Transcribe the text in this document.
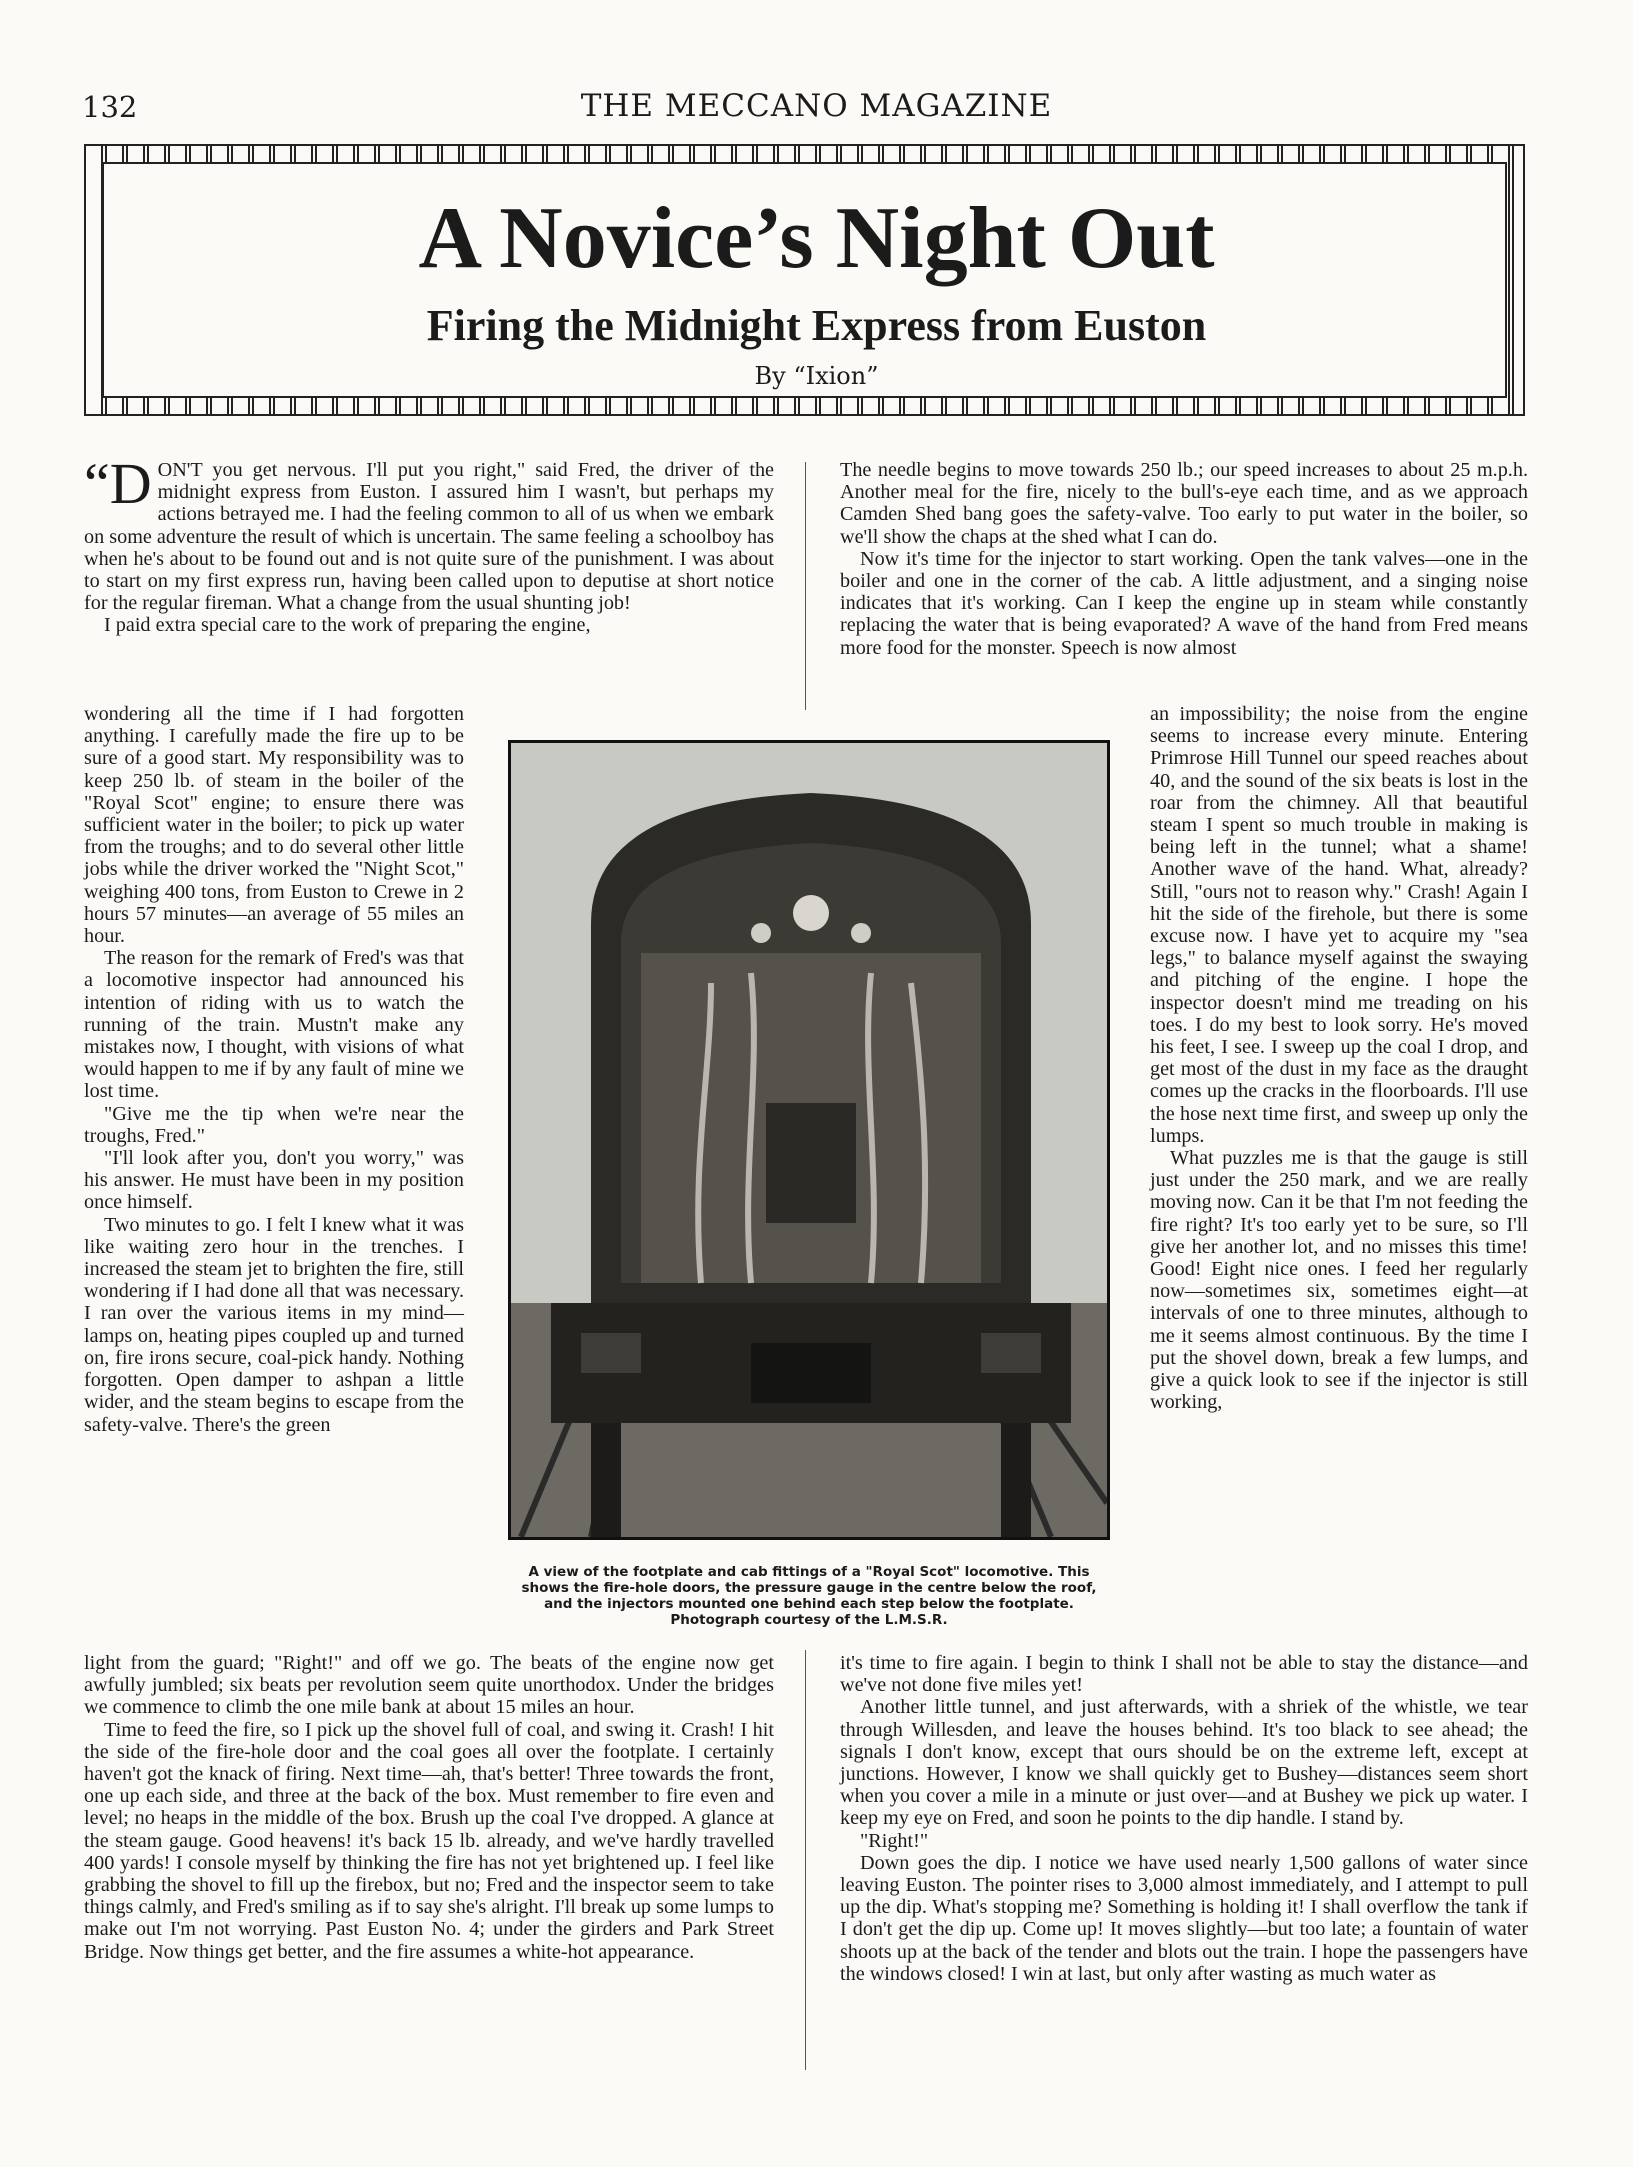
132	THE MECCANO MAGAZINE
A Novice’s Night Out
Firing the Midnight Express from Euston
By “Ixion”

“DON'T you get nervous. I'll put you right," said Fred, the driver of the midnight express from Euston. I assured him I wasn't, but perhaps my actions betrayed me. I had the feeling common to all of us when we embark on some adventure the result of which is uncertain. The same feeling a schoolboy has when he's about to be found out and is not quite sure of the punishment. I was about to start on my first express run, having been called upon to deputise at short notice for the regular fireman. What a change from the usual shunting job!

I paid extra special care to the work of preparing the engine,

wondering all the time if I had forgotten anything. I carefully made the fire up to be sure of a good start. My responsibility was to keep 250 lb. of steam in the boiler of the "Royal Scot" engine; to ensure there was sufficient water in the boiler; to pick up water from the troughs; and to do several other little jobs while the driver worked the "Night Scot," weighing 400 tons, from Euston to Crewe in 2 hours 57 minutes—an average of 55 miles an hour.

The reason for the remark of Fred's was that a locomotive inspector had announced his intention of riding with us to watch the running of the train. Mustn't make any mistakes now, I thought, with visions of what would happen to me if by any fault of mine we lost time.

"Give me the tip when we're near the troughs, Fred."

"I'll look after you, don't you worry," was his answer. He must have been in my position once himself.

Two minutes to go. I felt I knew what it was like waiting zero hour in the trenches. I increased the steam jet to brighten the fire, still wondering if I had done all that was necessary. I ran over the various items in my mind—lamps on, heating pipes coupled up and turned on, fire irons secure, coal-pick handy. Nothing forgotten. Open damper to ashpan a little wider, and the steam begins to escape from the safety-valve. There's the green

light from the guard; "Right!" and off we go. The beats of the engine now get awfully jumbled; six beats per revolution seem quite unorthodox. Under the bridges we commence to climb the one mile bank at about 15 miles an hour.

Time to feed the fire, so I pick up the shovel full of coal, and swing it. Crash! I hit the side of the fire-hole door and the coal goes all over the footplate. I certainly haven't got the knack of firing. Next time—ah, that's better! Three towards the front, one up each side, and three at the back of the box. Must remember to fire even and level; no heaps in the middle of the box. Brush up the coal I've dropped. A glance at the steam gauge. Good heavens! it's back 15 lb. already, and we've hardly travelled 400 yards! I console myself by thinking the fire has not yet brightened up. I feel like grabbing the shovel to fill up the firebox, but no; Fred and the inspector seem to take things calmly, and Fred's smiling as if to say she's alright. I'll break up some lumps to make out I'm not worrying. Past Euston No. 4; under the girders and Park Street Bridge. Now things get better, and the fire assumes a white-hot appearance.

The needle begins to move towards 250 lb.; our speed increases to about 25 m.p.h. Another meal for the fire, nicely to the bull's-eye each time, and as we approach Camden Shed bang goes the safety-valve. Too early to put water in the boiler, so we'll show the chaps at the shed what I can do.

Now it's time for the injector to start working. Open the tank valves—one in the boiler and one in the corner of the cab. A little adjustment, and a singing noise indicates that it's working. Can I keep the engine up in steam while constantly replacing the water that is being evaporated? A wave of the hand from Fred means more food for the monster. Speech is now almost

an impossibility; the noise from the engine seems to increase every minute. Entering Primrose Hill Tunnel our speed reaches about 40, and the sound of the six beats is lost in the roar from the chimney. All that beautiful steam I spent so much trouble in making is being left in the tunnel; what a shame! Another wave of the hand. What, already? Still, "ours not to reason why." Crash! Again I hit the side of the firehole, but there is some excuse now. I have yet to acquire my "sea legs," to balance myself against the swaying and pitching of the engine. I hope the inspector doesn't mind me treading on his toes. I do my best to look sorry. He's moved his feet, I see. I sweep up the coal I drop, and get most of the dust in my face as the draught comes up the cracks in the floorboards. I'll use the hose next time first, and sweep up only the lumps.

What puzzles me is that the gauge is still just under the 250 mark, and we are really moving now. Can it be that I'm not feeding the fire right? It's too early yet to be sure, so I'll give her another lot, and no misses this time! Good! Eight nice ones. I feed her regularly now—sometimes six, sometimes eight—at intervals of one to three minutes, although to me it seems almost continuous. By the time I put the shovel down, break a few lumps, and give a quick look to see if the injector is still working,

it's time to fire again. I begin to think I shall not be able to stay the distance—and we've not done five miles yet!

Another little tunnel, and just afterwards, with a shriek of the whistle, we tear through Willesden, and leave the houses behind. It's too black to see ahead; the signals I don't know, except that ours should be on the extreme left, except at junctions. However, I know we shall quickly get to Bushey—distances seem short when you cover a mile in a minute or just over—and at Bushey we pick up water. I keep my eye on Fred, and soon he points to the dip handle. I stand by.

"Right!"

Down goes the dip. I notice we have used nearly 1,500 gallons of water since leaving Euston. The pointer rises to 3,000 almost immediately, and I attempt to pull up the dip. What's stopping me? Something is holding it! I shall overflow the tank if I don't get the dip up. Come up! It moves slightly—but too late; a fountain of water shoots up at the back of the tender and blots out the train. I hope the passengers have the windows closed! I win at last, but only after wasting as much water as

A view of the footplate and cab fittings of a "Royal Scot" locomotive. This shows the fire-hole doors, the pressure gauge in the centre below the roof, and the injectors mounted one behind each step below the footplate.
Photograph courtesy of the L.M.S.R.
